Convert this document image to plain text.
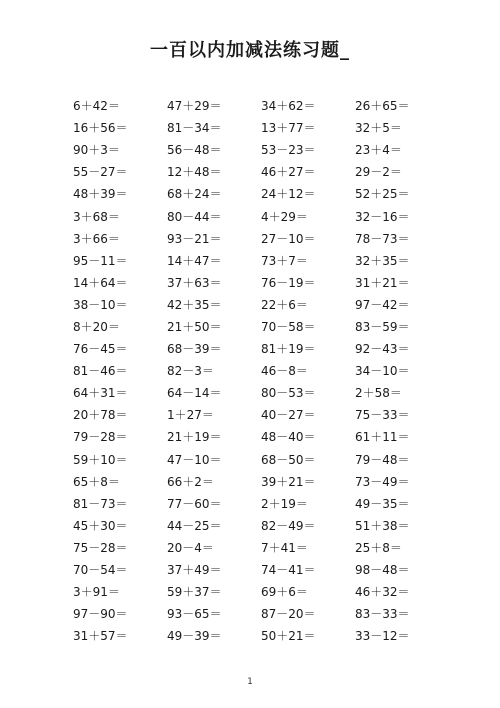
一百以内加减法练习题_
6＋42＝	47＋29＝	34＋62＝	26＋65＝
16＋56＝	81－34＝	13＋77＝	32＋5＝
90＋3＝	56－48＝	53－23＝	23＋4＝
55－27＝	12＋48＝	46＋27＝	29－2＝
48＋39＝	68＋24＝	24＋12＝	52＋25＝
3＋68＝	80－44＝	4＋29＝	32－16＝
3＋66＝	93－21＝	27－10＝	78－73＝
95－11＝	14＋47＝	73＋7＝	32＋35＝
14＋64＝	37＋63＝	76－19＝	31＋21＝
38－10＝	42＋35＝	22＋6＝	97－42＝
8＋20＝	21＋50＝	70－58＝	83－59＝
76－45＝	68－39＝	81＋19＝	92－43＝
81－46＝	82－3＝	46－8＝	34－10＝
64＋31＝	64－14＝	80－53＝	2＋58＝
20＋78＝	1＋27＝	40－27＝	75－33＝
79－28＝	21＋19＝	48－40＝	61＋11＝
59＋10＝	47－10＝	68－50＝	79－48＝
65＋8＝	66＋2＝	39＋21＝	73－49＝
81－73＝	77－60＝	2＋19＝	49－35＝
45＋30＝	44－25＝	82－49＝	51＋38＝
75－28＝	20－4＝	7＋41＝	25＋8＝
70－54＝	37＋49＝	74－41＝	98－48＝
3＋91＝	59＋37＝	69＋6＝	46＋32＝
97－90＝	93－65＝	87－20＝	83－33＝
31＋57＝	49－39＝	50＋21＝	33－12＝
1
